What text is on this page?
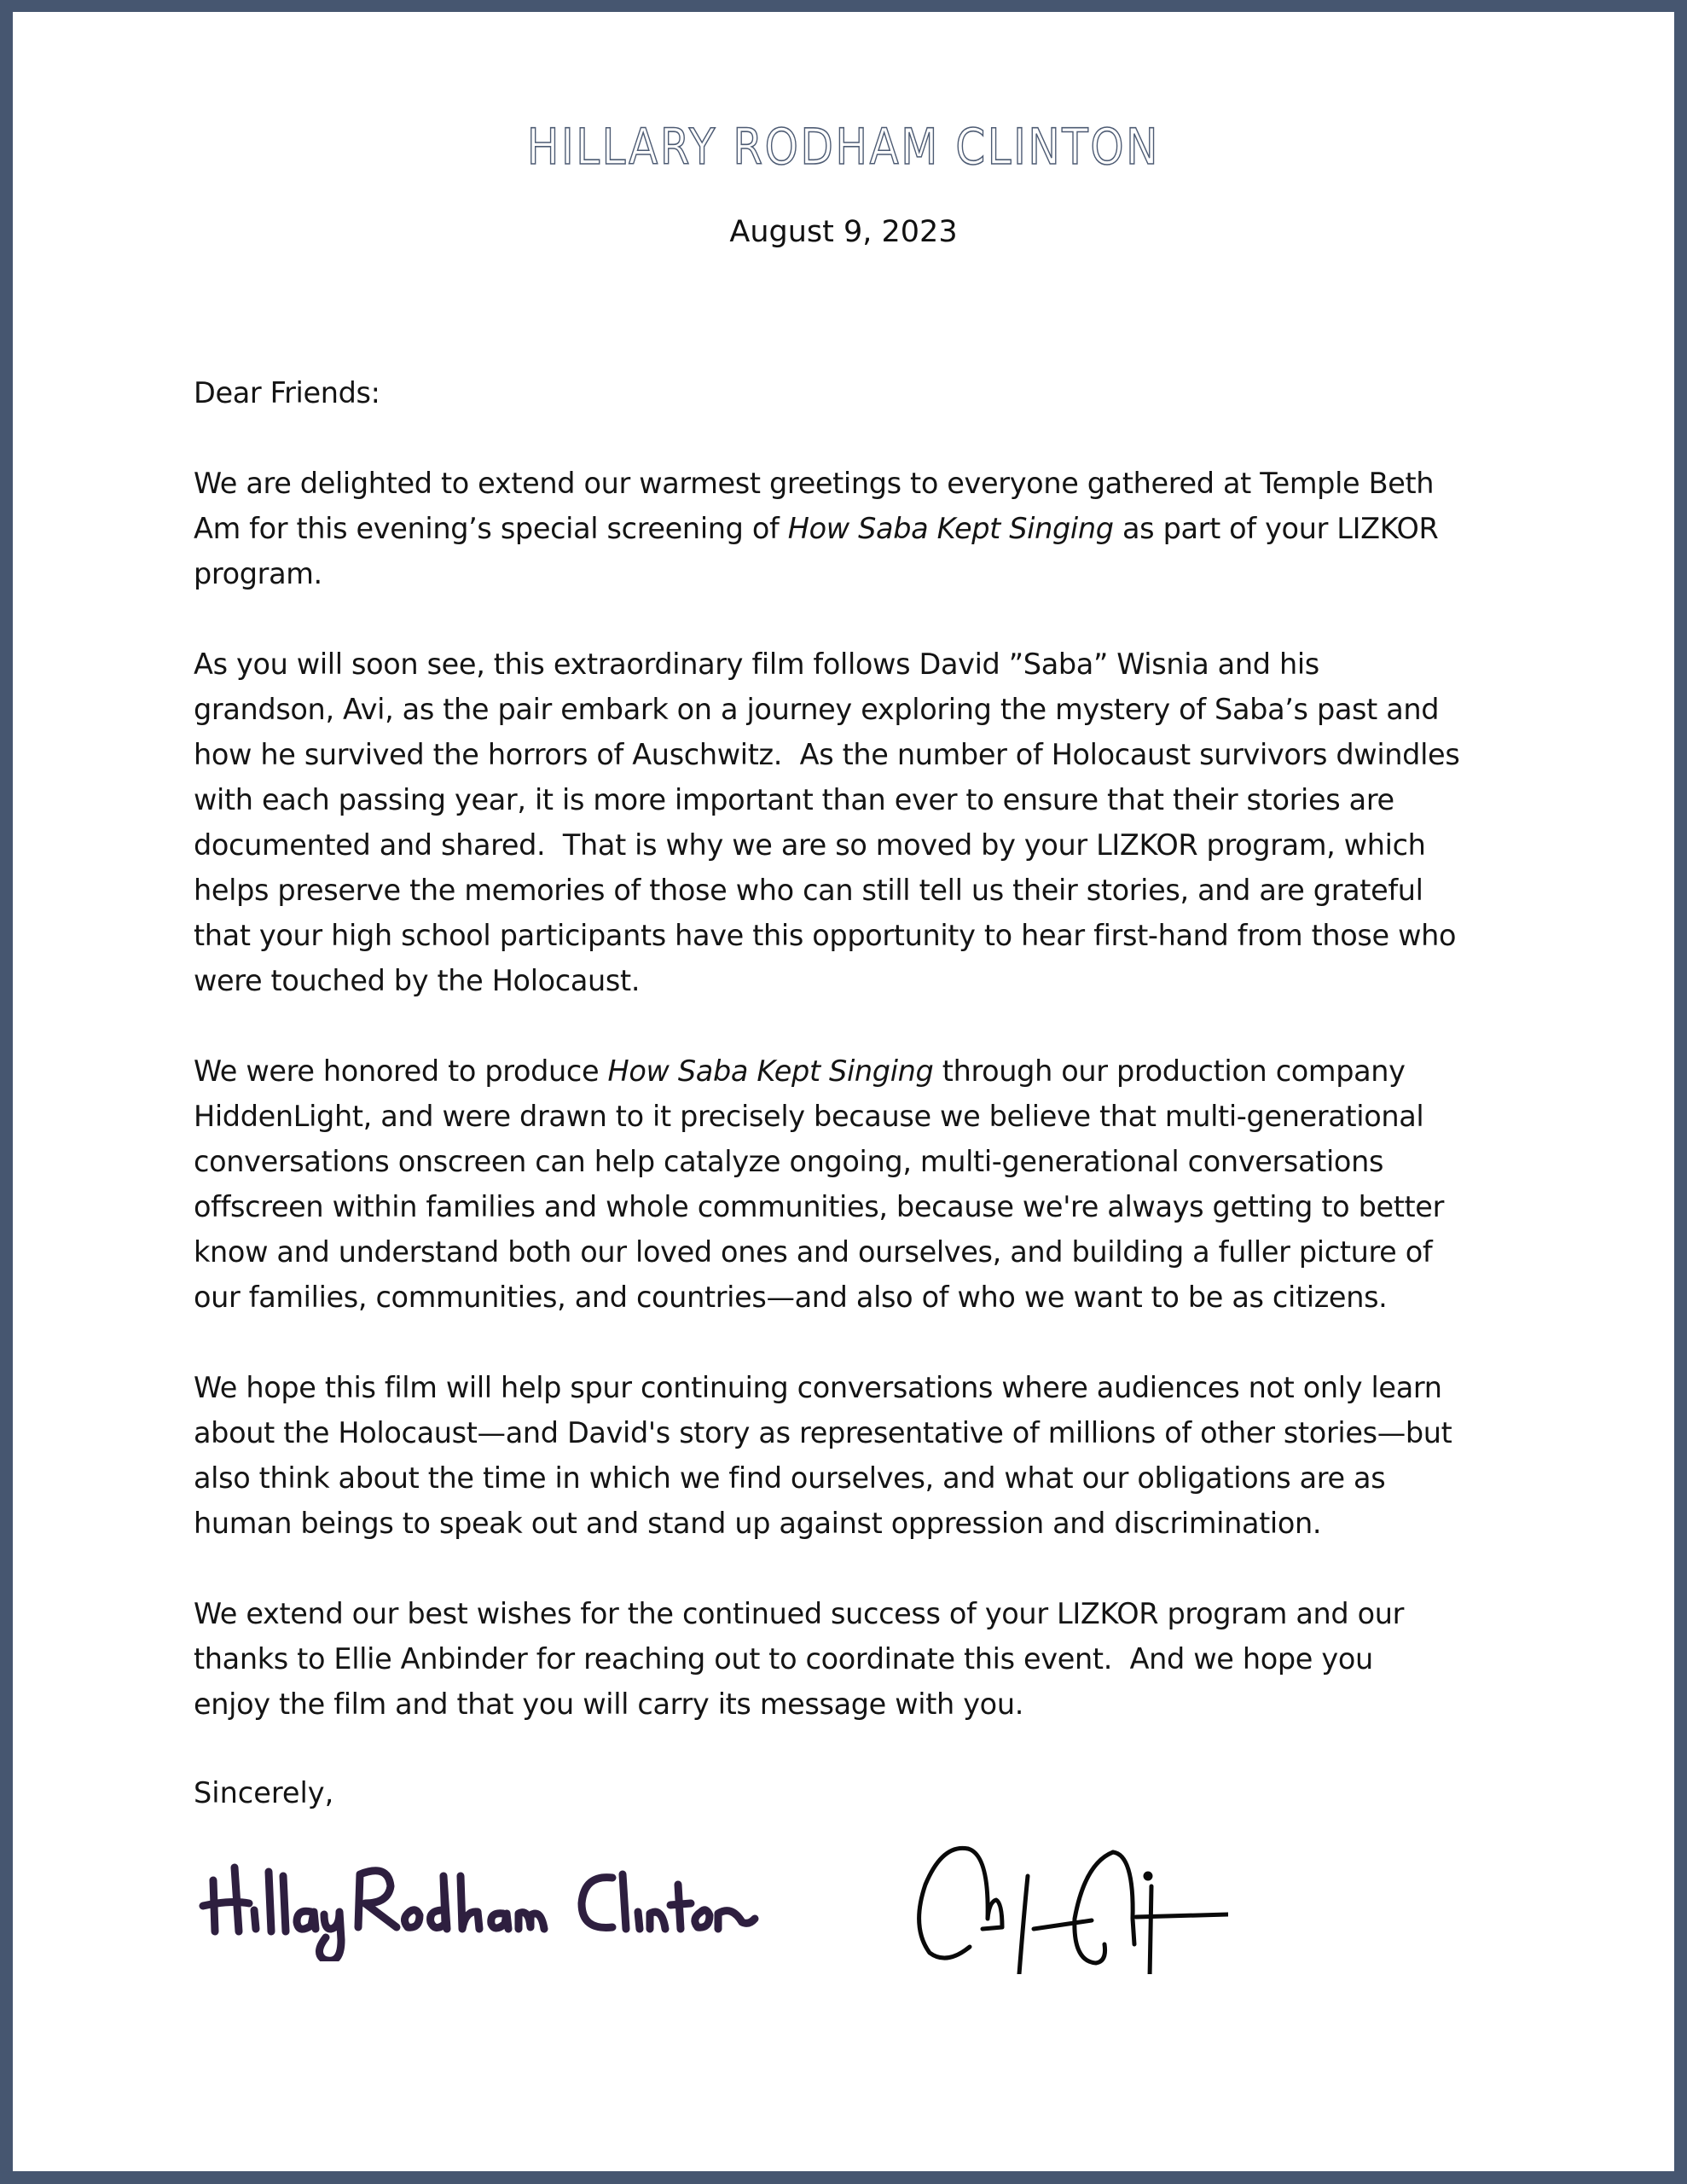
HILLARY RODHAM CLINTON
August 9, 2023
Dear Friends:
We are delighted to extend our warmest greetings to everyone gathered at Temple Beth
Am for this evening’s special screening of How Saba Kept Singing as part of your LIZKOR
program.
As you will soon see, this extraordinary film follows David ”Saba” Wisnia and his
grandson, Avi, as the pair embark on a journey exploring the mystery of Saba’s past and
how he survived the horrors of Auschwitz.  As the number of Holocaust survivors dwindles
with each passing year, it is more important than ever to ensure that their stories are
documented and shared.  That is why we are so moved by your LIZKOR program, which
helps preserve the memories of those who can still tell us their stories, and are grateful
that your high school participants have this opportunity to hear first-hand from those who
were touched by the Holocaust.
We were honored to produce How Saba Kept Singing through our production company
HiddenLight, and were drawn to it precisely because we believe that multi-generational
conversations onscreen can help catalyze ongoing, multi-generational conversations
offscreen within families and whole communities, because we're always getting to better
know and understand both our loved ones and ourselves, and building a fuller picture of
our families, communities, and countries—and also of who we want to be as citizens.
We hope this film will help spur continuing conversations where audiences not only learn
about the Holocaust—and David's story as representative of millions of other stories—but
also think about the time in which we find ourselves, and what our obligations are as
human beings to speak out and stand up against oppression and discrimination.
We extend our best wishes for the continued success of your LIZKOR program and our
thanks to Ellie Anbinder for reaching out to coordinate this event.  And we hope you
enjoy the film and that you will carry its message with you.
Sincerely,
